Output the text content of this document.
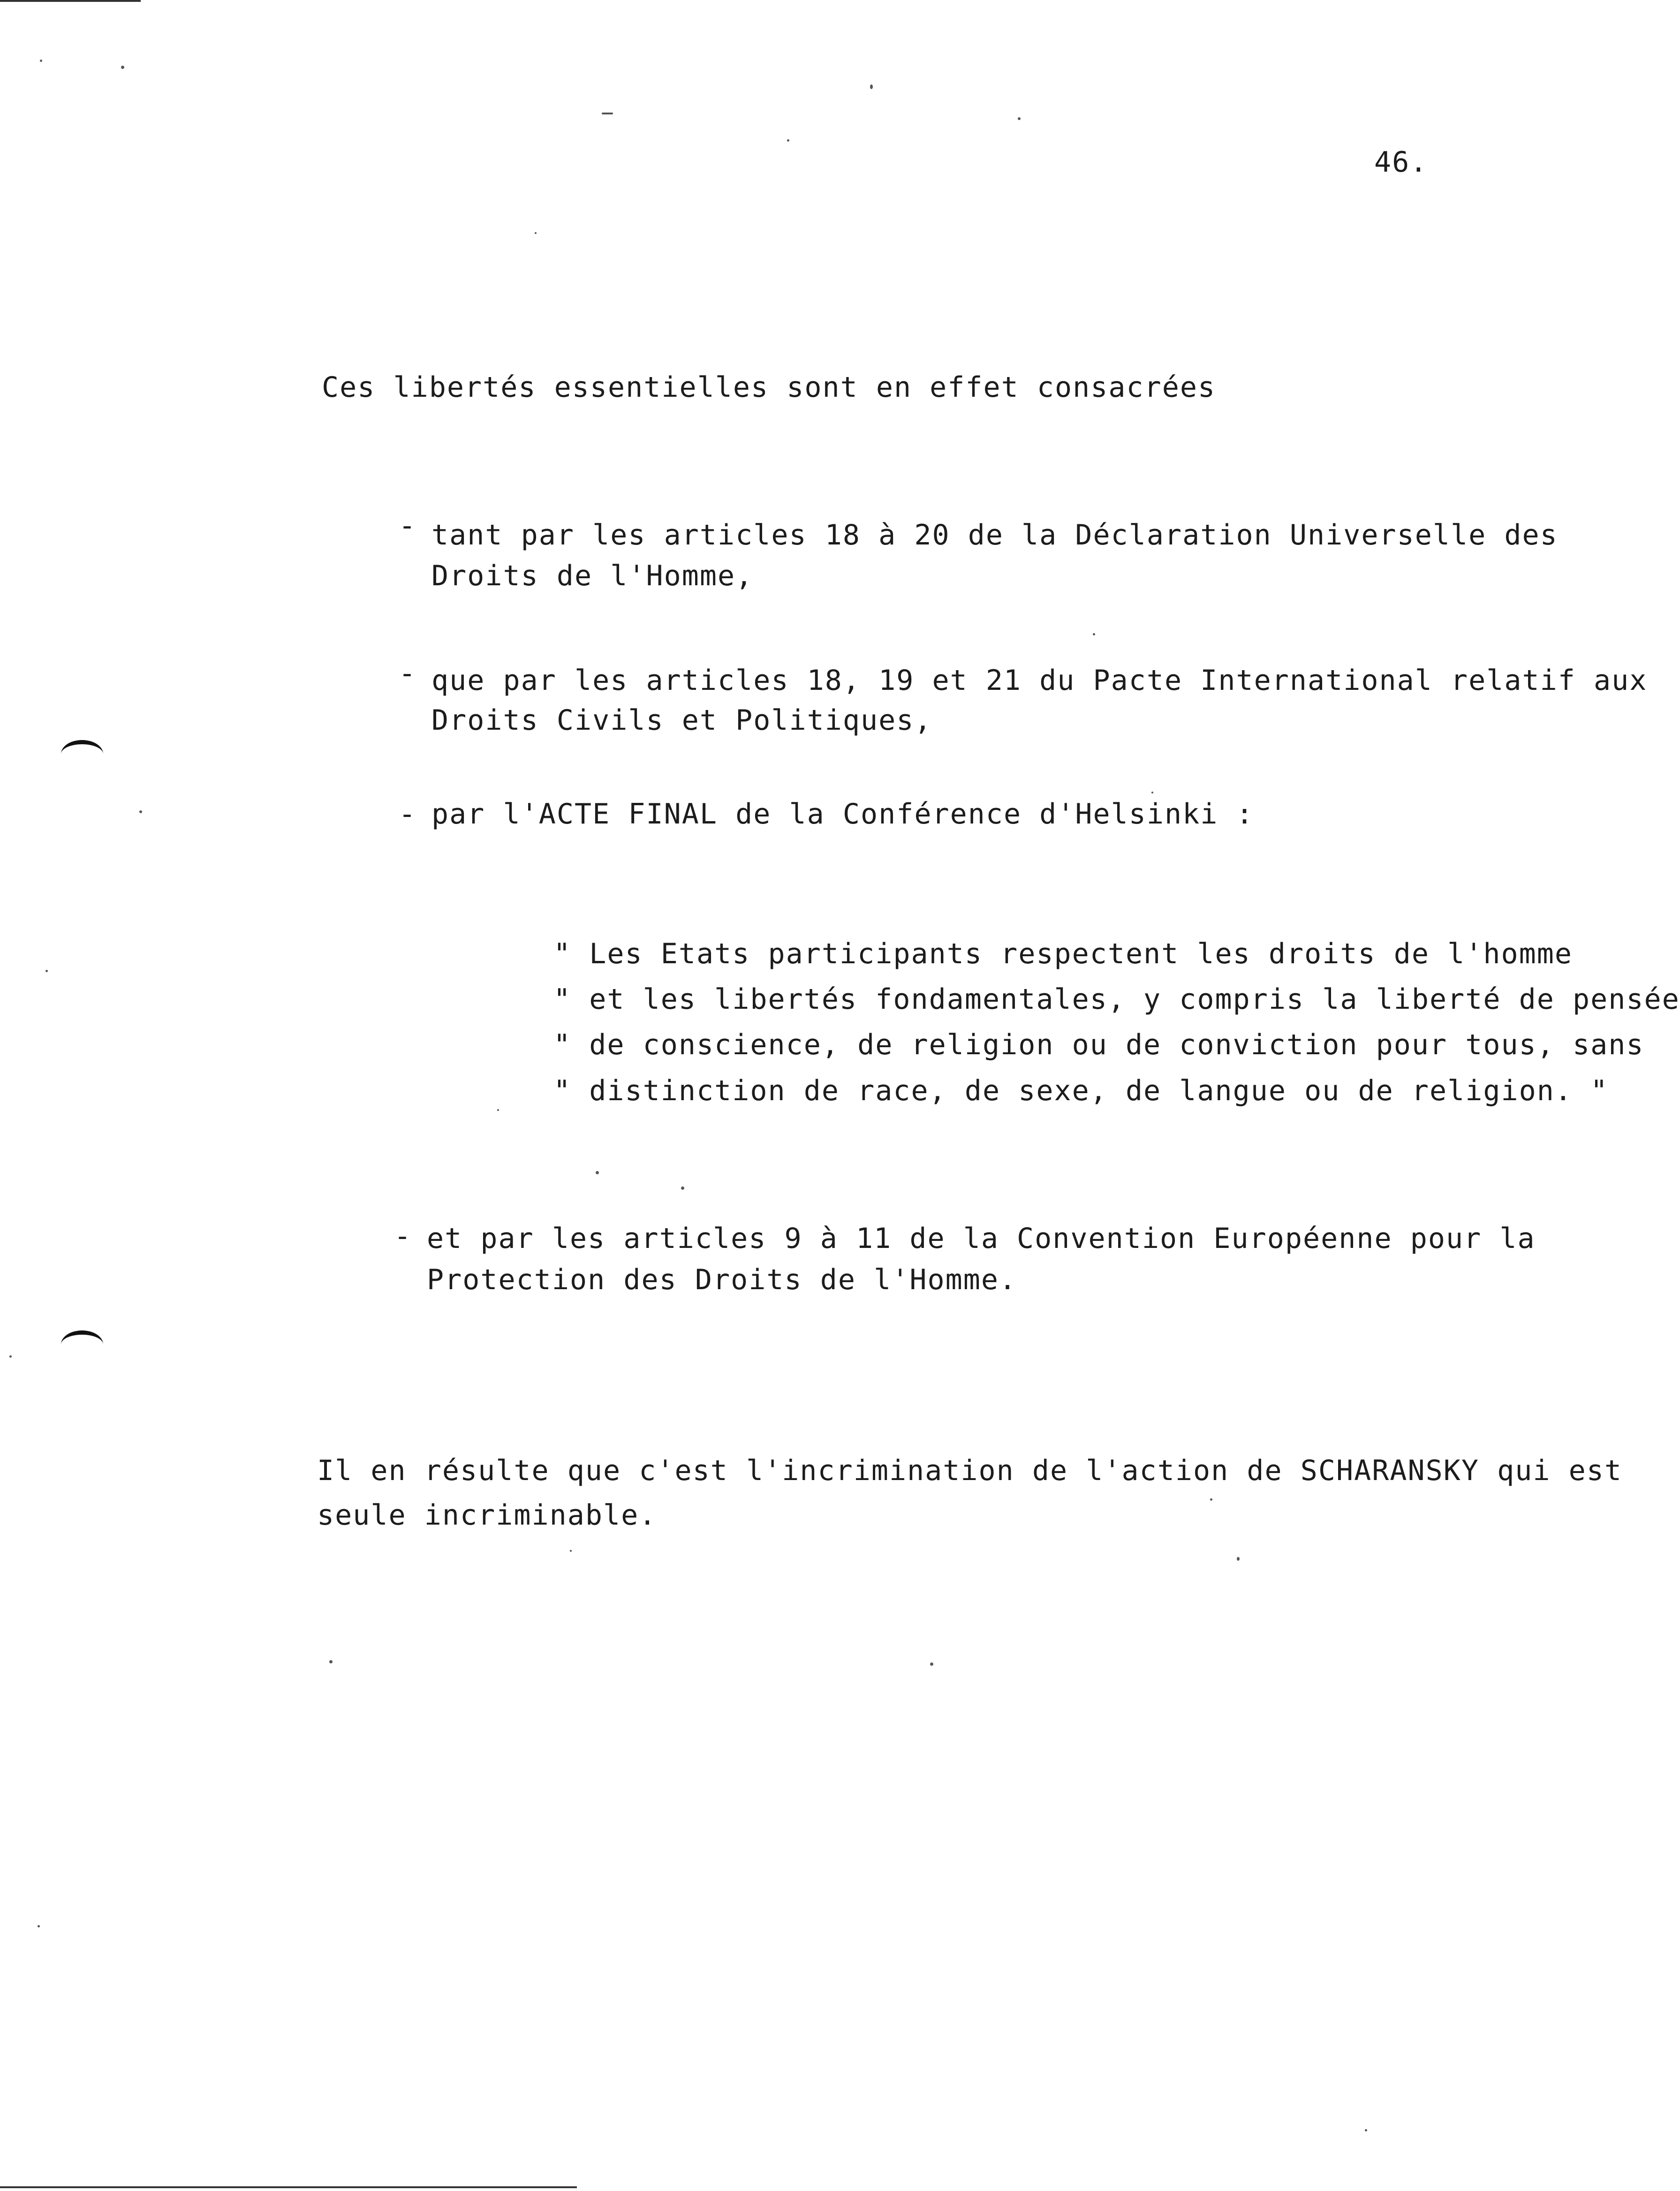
46.
Ces libertés essentielles sont en effet consacrées
- tant par les articles 18 à 20 de la Déclaration Universelle des
Droits de l'Homme,
- que par les articles 18, 19 et 21 du Pacte International relatif aux
Droits Civils et Politiques,
- par l'ACTE FINAL de la Conférence d'Helsinki :
" Les Etats participants respectent les droits de l'homme
" et les libertés fondamentales, y compris la liberté de pensée
" de conscience, de religion ou de conviction pour tous, sans
" distinction de race, de sexe, de langue ou de religion. "
- et par les articles 9 à 11 de la Convention Européenne pour la
Protection des Droits de l'Homme.
Il en résulte que c'est l'incrimination de l'action de SCHARANSKY qui est
seule incriminable.
